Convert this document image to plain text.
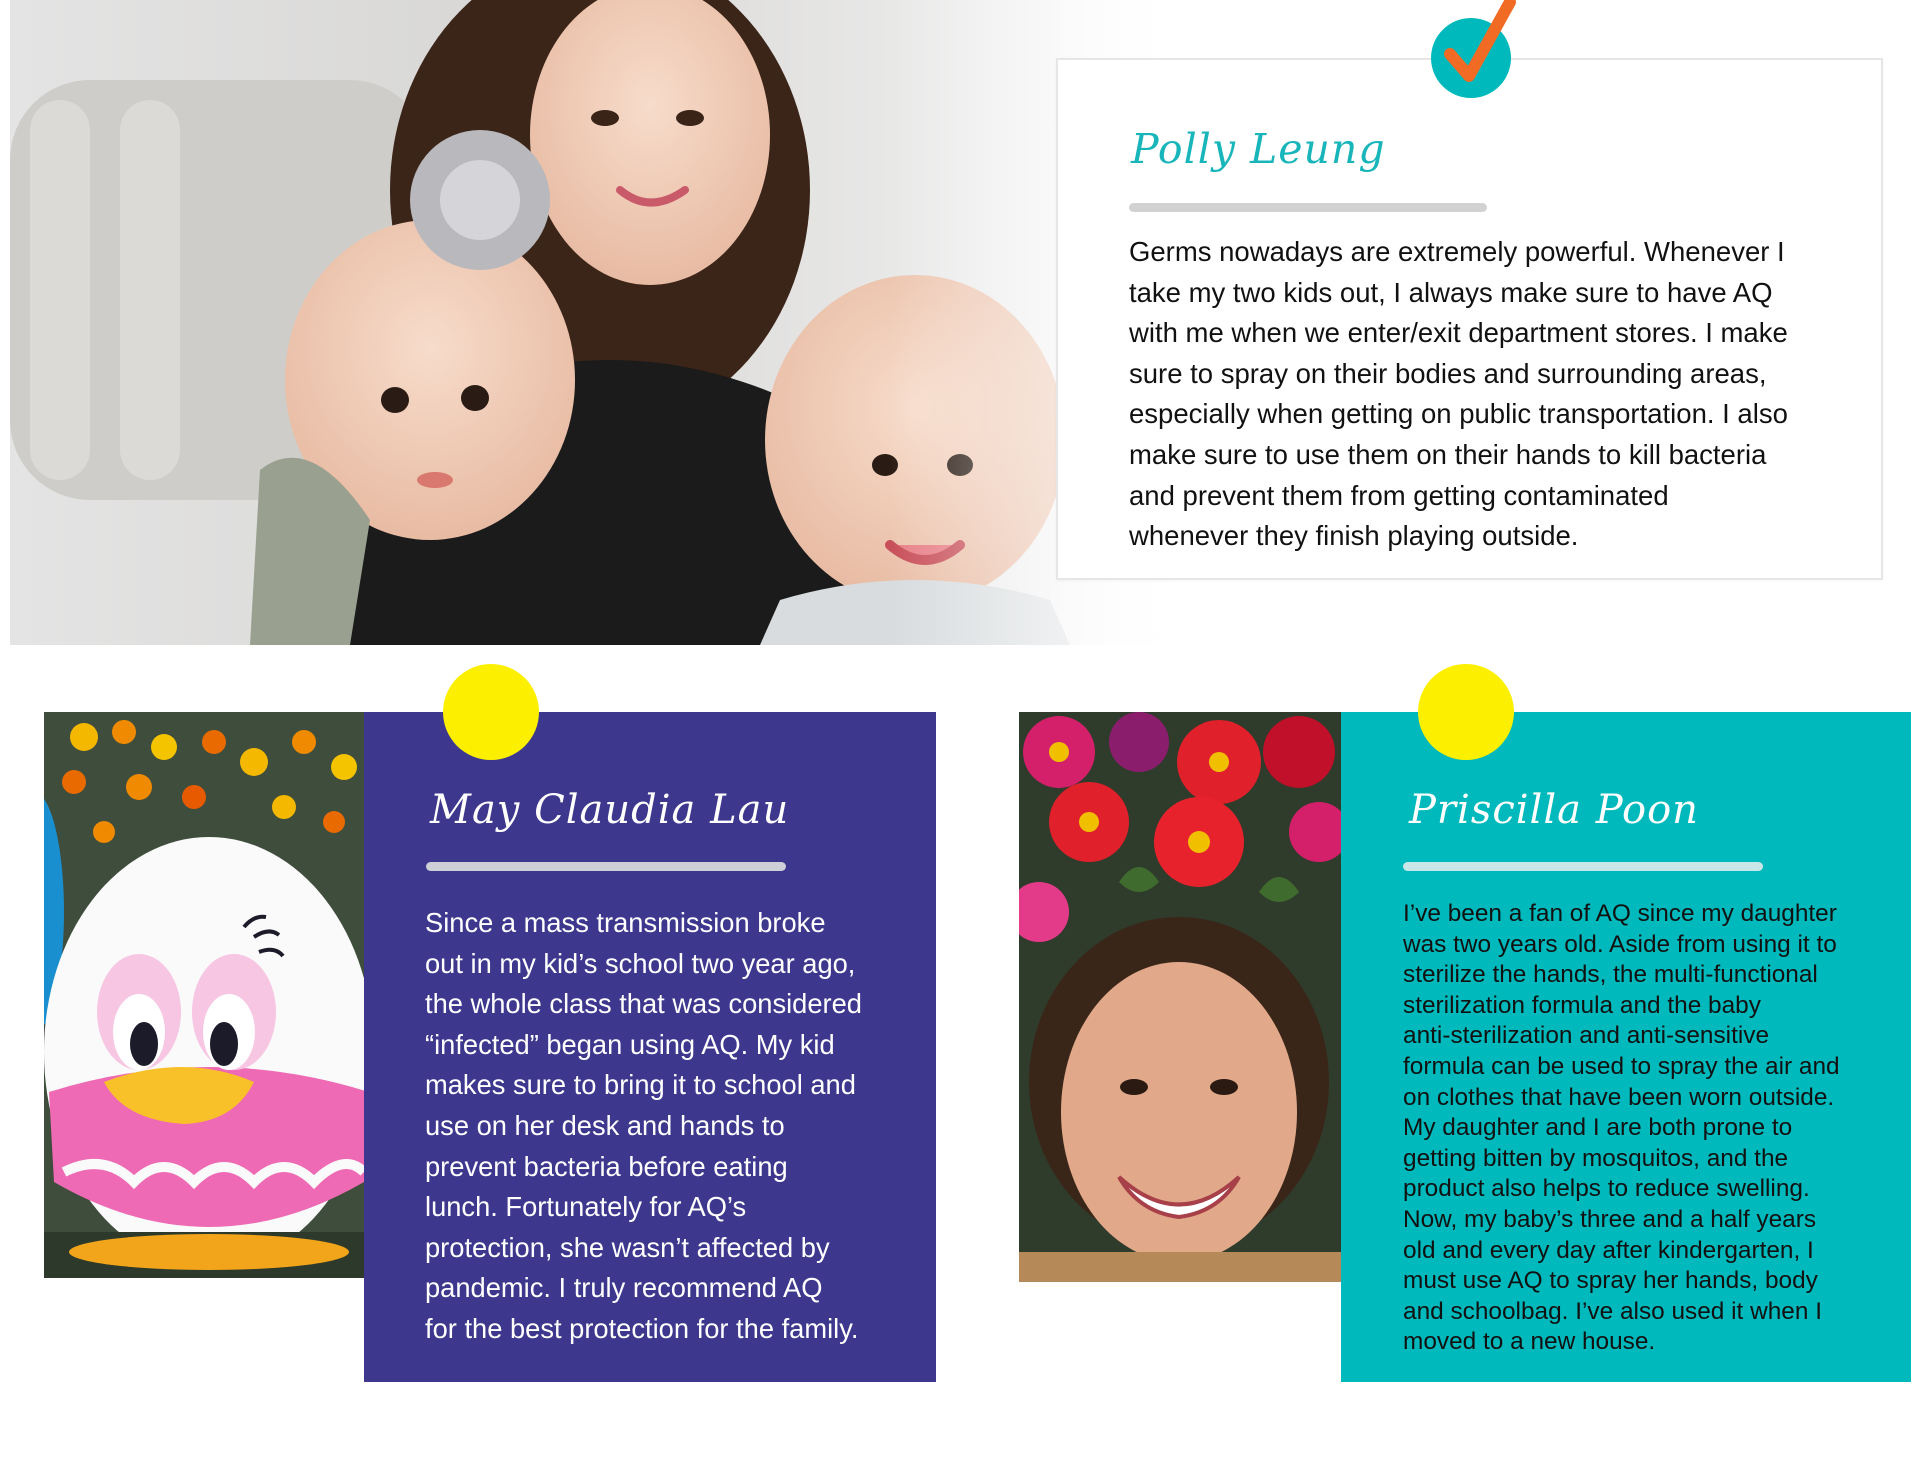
Polly Leung

Germs nowadays are extremely powerful. Whenever I

take my two kids out, I always make sure to have AQ

with me when we enter/exit department stores. I make

sure to spray on their bodies and surrounding areas,

especially when getting on public transportation. I also

make sure to use them on their hands to kill bacteria

and prevent them from getting contaminated

whenever they finish playing outside.

May Claudia Lau

Since a mass transmission broke

out in my kid’s school two year ago,

the whole class that was considered

“infected” began using AQ. My kid

makes sure to bring it to school and

use on her desk and hands to

prevent bacteria before eating

lunch. Fortunately for AQ’s

protection, she wasn’t affected by

pandemic. I truly recommend AQ

for the best protection for the family.

Priscilla Poon

I’ve been a fan of AQ since my daughter

was two years old. Aside from using it to

sterilize the hands, the multi-functional

sterilization formula and the baby

anti-sterilization and anti-sensitive

formula can be used to spray the air and

on clothes that have been worn outside.

My daughter and I are both prone to

getting bitten by mosquitos, and the

product also helps to reduce swelling.

Now, my baby’s three and a half years

old and every day after kindergarten, I

must use AQ to spray her hands, body

and schoolbag. I’ve also used it when I

moved to a new house.
